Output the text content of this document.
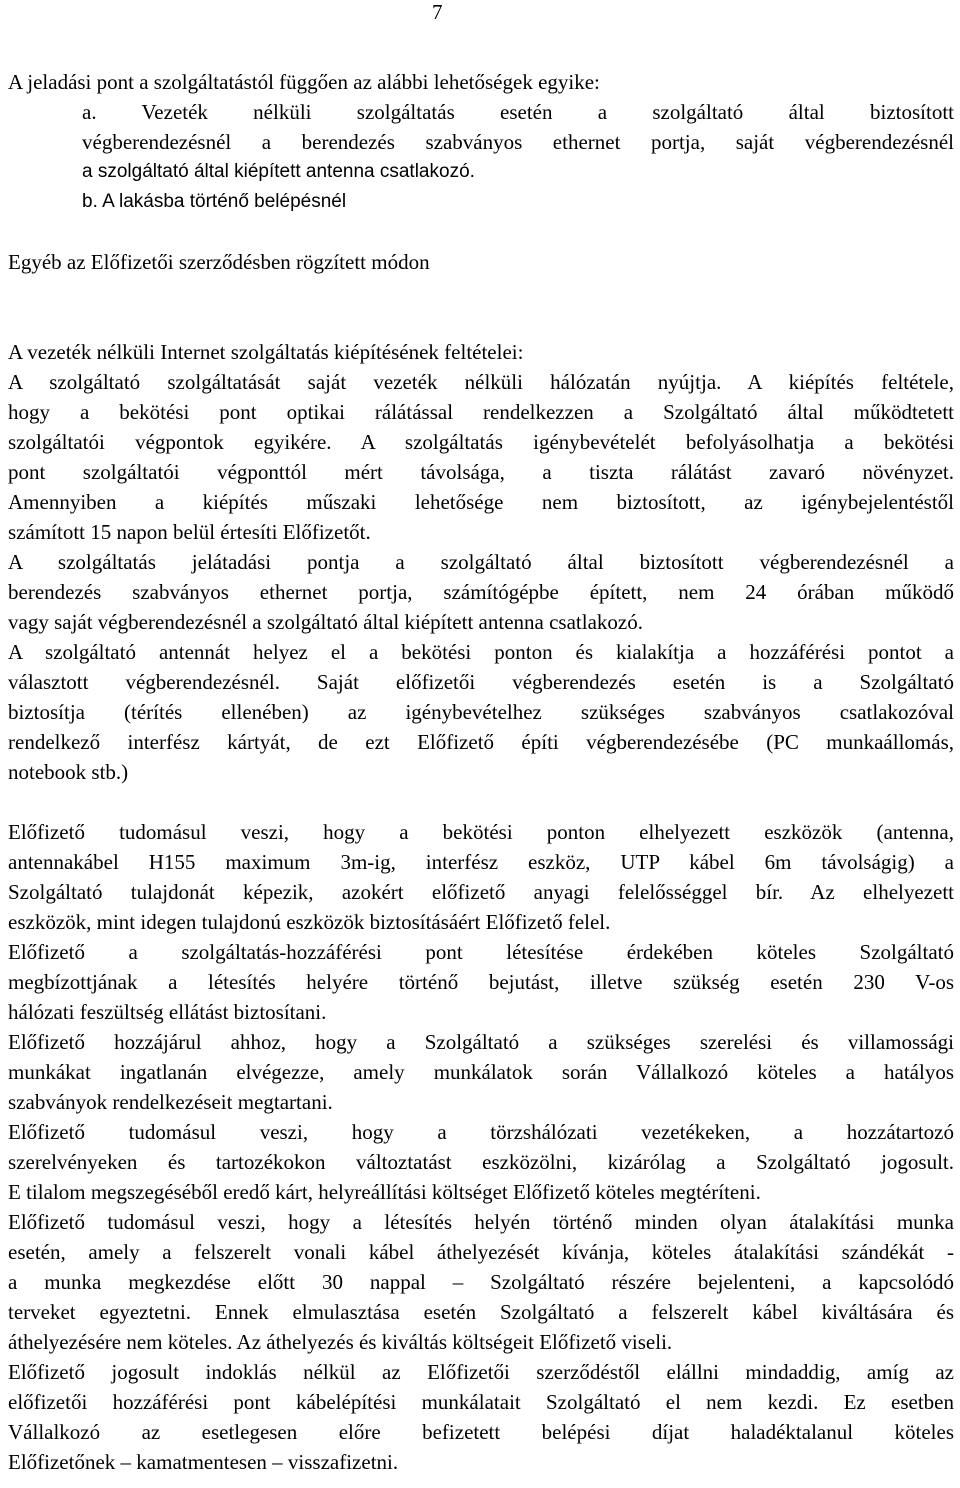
7
A jeladási pont a szolgáltatástól függően az alábbi lehetőségek egyike:
a. Vezeték nélküli szolgáltatás esetén a szolgáltató által biztosított
végberendezésnél a berendezés szabványos ethernet portja, saját végberendezésnél
a szolgáltató által kiépített antenna csatlakozó.
b. A lakásba történő belépésnél
Egyéb az Előfizetői szerződésben rögzített módon
A vezeték nélküli Internet szolgáltatás kiépítésének feltételei:
A szolgáltató szolgáltatását saját vezeték nélküli hálózatán nyújtja. A kiépítés feltétele,
hogy a bekötési pont optikai rálátással rendelkezzen a Szolgáltató által működtetett
szolgáltatói végpontok egyikére. A szolgáltatás igénybevételét befolyásolhatja a bekötési
pont szolgáltatói végponttól mért távolsága, a tiszta rálátást zavaró növényzet.
Amennyiben a kiépítés műszaki lehetősége nem biztosított, az igénybejelentéstől
számított 15 napon belül értesíti Előfizetőt.
A szolgáltatás jelátadási pontja a szolgáltató által biztosított végberendezésnél a
berendezés szabványos ethernet portja, számítógépbe épített, nem 24 órában működő
vagy saját végberendezésnél a szolgáltató által kiépített antenna csatlakozó.
A szolgáltató antennát helyez el a bekötési ponton és kialakítja a hozzáférési pontot a
választott végberendezésnél. Saját előfizetői végberendezés esetén is a Szolgáltató
biztosítja (térítés ellenében) az igénybevételhez szükséges szabványos csatlakozóval
rendelkező interfész kártyát, de ezt Előfizető építi végberendezésébe (PC munkaállomás,
notebook stb.)
Előfizető tudomásul veszi, hogy a bekötési ponton elhelyezett eszközök (antenna,
antennakábel H155 maximum 3m-ig, interfész eszköz, UTP kábel 6m távolságig) a
Szolgáltató tulajdonát képezik, azokért előfizető anyagi felelősséggel bír. Az elhelyezett
eszközök, mint idegen tulajdonú eszközök biztosításáért Előfizető felel.
Előfizető a szolgáltatás-hozzáférési pont létesítése érdekében köteles Szolgáltató
megbízottjának a létesítés helyére történő bejutást, illetve szükség esetén 230 V-os
hálózati feszültség ellátást biztosítani.
Előfizető hozzájárul ahhoz, hogy a Szolgáltató a szükséges szerelési és villamossági
munkákat ingatlanán elvégezze, amely munkálatok során Vállalkozó köteles a hatályos
szabványok rendelkezéseit megtartani.
Előfizető tudomásul veszi, hogy a törzshálózati vezetékeken, a hozzátartozó
szerelvényeken és tartozékokon változtatást eszközölni, kizárólag a Szolgáltató jogosult.
E tilalom megszegéséből eredő kárt, helyreállítási költséget Előfizető köteles megtéríteni.
Előfizető tudomásul veszi, hogy a létesítés helyén történő minden olyan átalakítási munka
esetén, amely a felszerelt vonali kábel áthelyezését kívánja, köteles átalakítási szándékát -
a munka megkezdése előtt 30 nappal – Szolgáltató részére bejelenteni, a kapcsolódó
terveket egyeztetni. Ennek elmulasztása esetén Szolgáltató a felszerelt kábel kiváltására és
áthelyezésére nem köteles. Az áthelyezés és kiváltás költségeit Előfizető viseli.
Előfizető jogosult indoklás nélkül az Előfizetői szerződéstől elállni mindaddig, amíg az
előfizetői hozzáférési pont kábelépítési munkálatait Szolgáltató el nem kezdi. Ez esetben
Vállalkozó az esetlegesen előre befizetett belépési díjat haladéktalanul köteles
Előfizetőnek – kamatmentesen – visszafizetni.
